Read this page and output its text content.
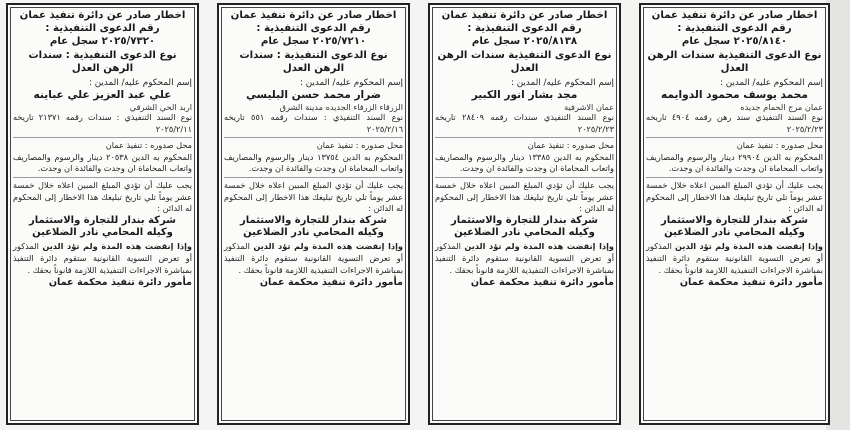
اخطار صادر عن دائرة تنفيذ عمان
رقم الدعوى التنفيذية :
٢٠٢٥/٨١٤٠ سجل عام
نوع الدعوى التنفيذية سندات الرهن العدل
إسم المحكوم عليه/ المدين :
محمد يوسف محمود الدوايمه
عمان مرج الحمام جديده
نوع السند التنفيذي سند رهن رقمه ٤٩٠٤ تاريخه ٢٠٢٥/٢/٢٣
محل صدوره : تنفيذ عمان
المحكوم به الدين ٢٩٩٠٤ دينار والرسوم والمصاريف واتعاب المحاماة ان وجدت والفائدة ان وجدت.
يجب عليك أن تؤدي المبلغ المبين اعلاه خلال خمسة عشر يوماً تلي تاريخ تبليغك هذا الاخطار إلى المحكوم له الدائن :
شركة بندار للتجارة والاستثمار
وكيله المحامي نادر الضلاعين
وإذا إنقضت هذه المدة ولم تؤد الدين المذكور أو تعرض التسوية القانونية ستقوم دائرة التنفيذ بمباشرة الاجراءات التنفيذية اللازمة قانوناً بحقك .
مأمور دائرة تنفيذ محكمة عمان
اخطار صادر عن دائرة تنفيذ عمان
رقم الدعوى التنفيذية :
٢٠٢٥/٨١٣٨ سجل عام
نوع الدعوى التنفيذية سندات الرهن العدل
إسم المحكوم عليه/ المدين :
مجد بشار انور الكبير
عمان الاشرفية
نوع السند التنفيذي سندات رقمه ٢٨٤٠٩ تاريخه ٢٠٢٥/٢/٢٣
محل صدوره : تنفيذ عمان
المحكوم به الدين ١٣٣٨٥ دينار والرسوم والمصاريف واتعاب المحاماة ان وجدت والفائدة ان وجدت.
يجب عليك أن تؤدي المبلغ المبين اعلاه خلال خمسة عشر يوماً تلي تاريخ تبليغك هذا الاخطار إلى المحكوم له الدائن :
شركة بندار للتجارة والاستثمار
وكيله المحامي نادر الضلاعين
وإذا إنقضت هذه المدة ولم تؤد الدين المذكور أو تعرض التسوية القانونية ستقوم دائرة التنفيذ بمباشرة الاجراءات التنفيذية اللازمة قانوناً بحقك .
مأمور دائرة تنفيذ محكمة عمان
اخطار صادر عن دائرة تنفيذ عمان
رقم الدعوى التنفيذية :
٢٠٢٥/٧٢١٠ سجل عام
نوع الدعوى التنفيذية : سندات الرهن العدل
إسم المحكوم عليه/ المدين :
ضرار محمد حسن البليسي
الزرقاء الزرقاء الجديده مدينة الشرق
نوع السند التنفيذي : سندات رقمه ٥٥١ تاريخه ٢٠٢٥/٢/١٦
محل صدوره : تنفيذ عمان
المحكوم به الدين ١٣٧٥٤ دينار والرسوم والمصاريف واتعاب المحاماة ان وجدت والفائدة ان وجدت.
يجب عليك أن تؤدي المبلغ المبين اعلاه خلال خمسة عشر يوماً تلي تاريخ تبليغك هذا الاخطار إلى المحكوم له الدائن :
شركة بندار للتجارة والاستثمار
وكيله المحامي نادر الضلاعين
وإذا إنقضت هذه المدة ولم تؤد الدين المذكور أو تعرض التسوية القانونية ستقوم دائرة التنفيذ بمباشرة الاجراءات التنفيذية اللازمة قانوناً بحقك .
مأمور دائرة تنفيذ محكمة عمان
اخطار صادر عن دائرة تنفيذ عمان
رقم الدعوى التنفيذية :
٢٠٢٥/٧٣٢٠ سجل عام
نوع الدعوى التنفيذية : سندات الرهن العدل
إسم المحكوم عليه/ المدين :
علي عبد العزيز علي عباينه
اربد الحي الشرقي
نوع السند التنفيذي : سندات رقمه ٢١٣٧١ تاريخه ٢٠٢٥/٢/١١
محل صدوره : تنفيذ عمان
المحكوم به الدين ٢٠٥٣٨ دينار والرسوم والمصاريف واتعاب المحاماة ان وجدت والفائدة ان وجدت.
يجب عليك أن تؤدي المبلغ المبين اعلاه خلال خمسة عشر يوماً تلي تاريخ تبليغك هذا الاخطار إلى المحكوم له الدائن :
شركة بندار للتجارة والاستثمار
وكيله المحامي نادر الضلاعين
وإذا إنقضت هذه المدة ولم تؤد الدين المذكور أو تعرض التسوية القانونية ستقوم دائرة التنفيذ بمباشرة الاجراءات التنفيذية اللازمة قانوناً بحقك .
مأمور دائرة تنفيذ محكمة عمان
